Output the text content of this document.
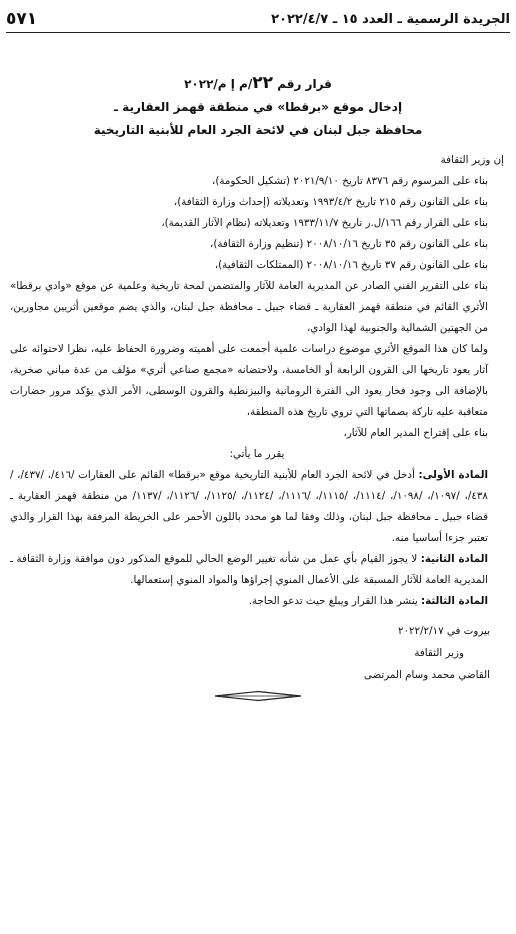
الجريدة الرسمية ـ العدد ١٥ ـ ٢٠٢٢/٤/٧
٥٧١
قرار رقم ٢٢/م إ م/٢٠٢٢
إدخال موقع «برقطا» في منطقة قهمز العقارية ـ
محافظة جبل لبنان في لائحة الجرد العام للأبنية التاريخية

إن وزير الثقافة

بناء على المرسوم رقم ٨٣٧٦ تاريخ ٢٠٢١/٩/١٠ (تشكيل الحكومة)،

بناء على القانون رقم ٢١٥ تاريخ ١٩٩٣/٤/٢ وتعديلاته (إحداث وزارة الثقافة)،

بناء على القرار رقم ١٦٦/ل.ر تاريخ ١٩٣٣/١١/٧ وتعديلاته (نظام الآثار القديمة)،

بناء على القانون رقم ٣٥ تاريخ ٢٠٠٨/١٠/١٦ (تنظيم وزارة الثقافة)،

بناء على القانون رقم ٣٧ تاريخ ٢٠٠٨/١٠/١٦ (الممتلكات الثقافية)،

بناء على التقرير الفني الصادر عن المديرية العامة للآثار والمتضمن لمحة تاريخية وعلمية عن موقع «وادي برقطا» الأثري القائم في منطقة قهمز العقارية ـ قضاء جبيل ـ محافظة جبل لبنان، والذي يضم موقعين أثريين مجاورين، من الجهتين الشمالية والجنوبية لهذا الوادي،

ولما كان هذا الموقع الأثري موضوع دراسات علمية أجمعت على أهميته وضرورة الحفاظ عليه، نظرا لاحتوائه على آثار يعود تاريخها الى القرون الرابعة أو الخامسة، ولاحتضانه «مجمع صناعي أثري» مؤلف من عدة مباني صخرية، بالإضافة الى وجود فخار يعود الى الفترة الرومانية والبيزنطية والقرون الوسطى، الأمر الذي يؤكد مرور حضارات متعاقبة عليه تاركة بصماتها التي تروي تاريخ هذه المنطقة،

بناء على إقتراح المدير العام للآثار،

يقرر ما يأتي:

المادة الأولى: أدخل في لائحة الجرد العام للأبنية التاريخية موقع «برقطا» القائم على العقارات /٤١٦/، /٤٣٧/، /٤٣٨/، /١٠٩٧/، /١٠٩٨/، /١١١٤/، /١١١٥/، /١١١٦/، /١١٢٤/، /١١٢٥/، /١١٢٦/، /١١٣٧/ من منطقة قهمز العقارية ـ قضاء جبيل ـ محافظة جبل لبنان، وذلك وفقا لما هو محدد باللون الأحمر على الخريطة المرفقة بهذا القرار والذي تعتبر جزءا أساسيا منه.

المادة الثانية: لا يجوز القيام بأي عمل من شأنه تغيير الوضع الحالي للموقع المذكور دون موافقة وزارة الثقافة ـ المديرية العامة للآثار المسبقة على الأعمال المنوي إجراؤها والمواد المنوي إستعمالها.

المادة الثالثة: ينشر هذا القرار ويبلغ حيث تدعو الحاجة.

بيروت في ٢٠٢٢/٢/١٧
وزير الثقافة
القاضي محمد وسام المرتضى
